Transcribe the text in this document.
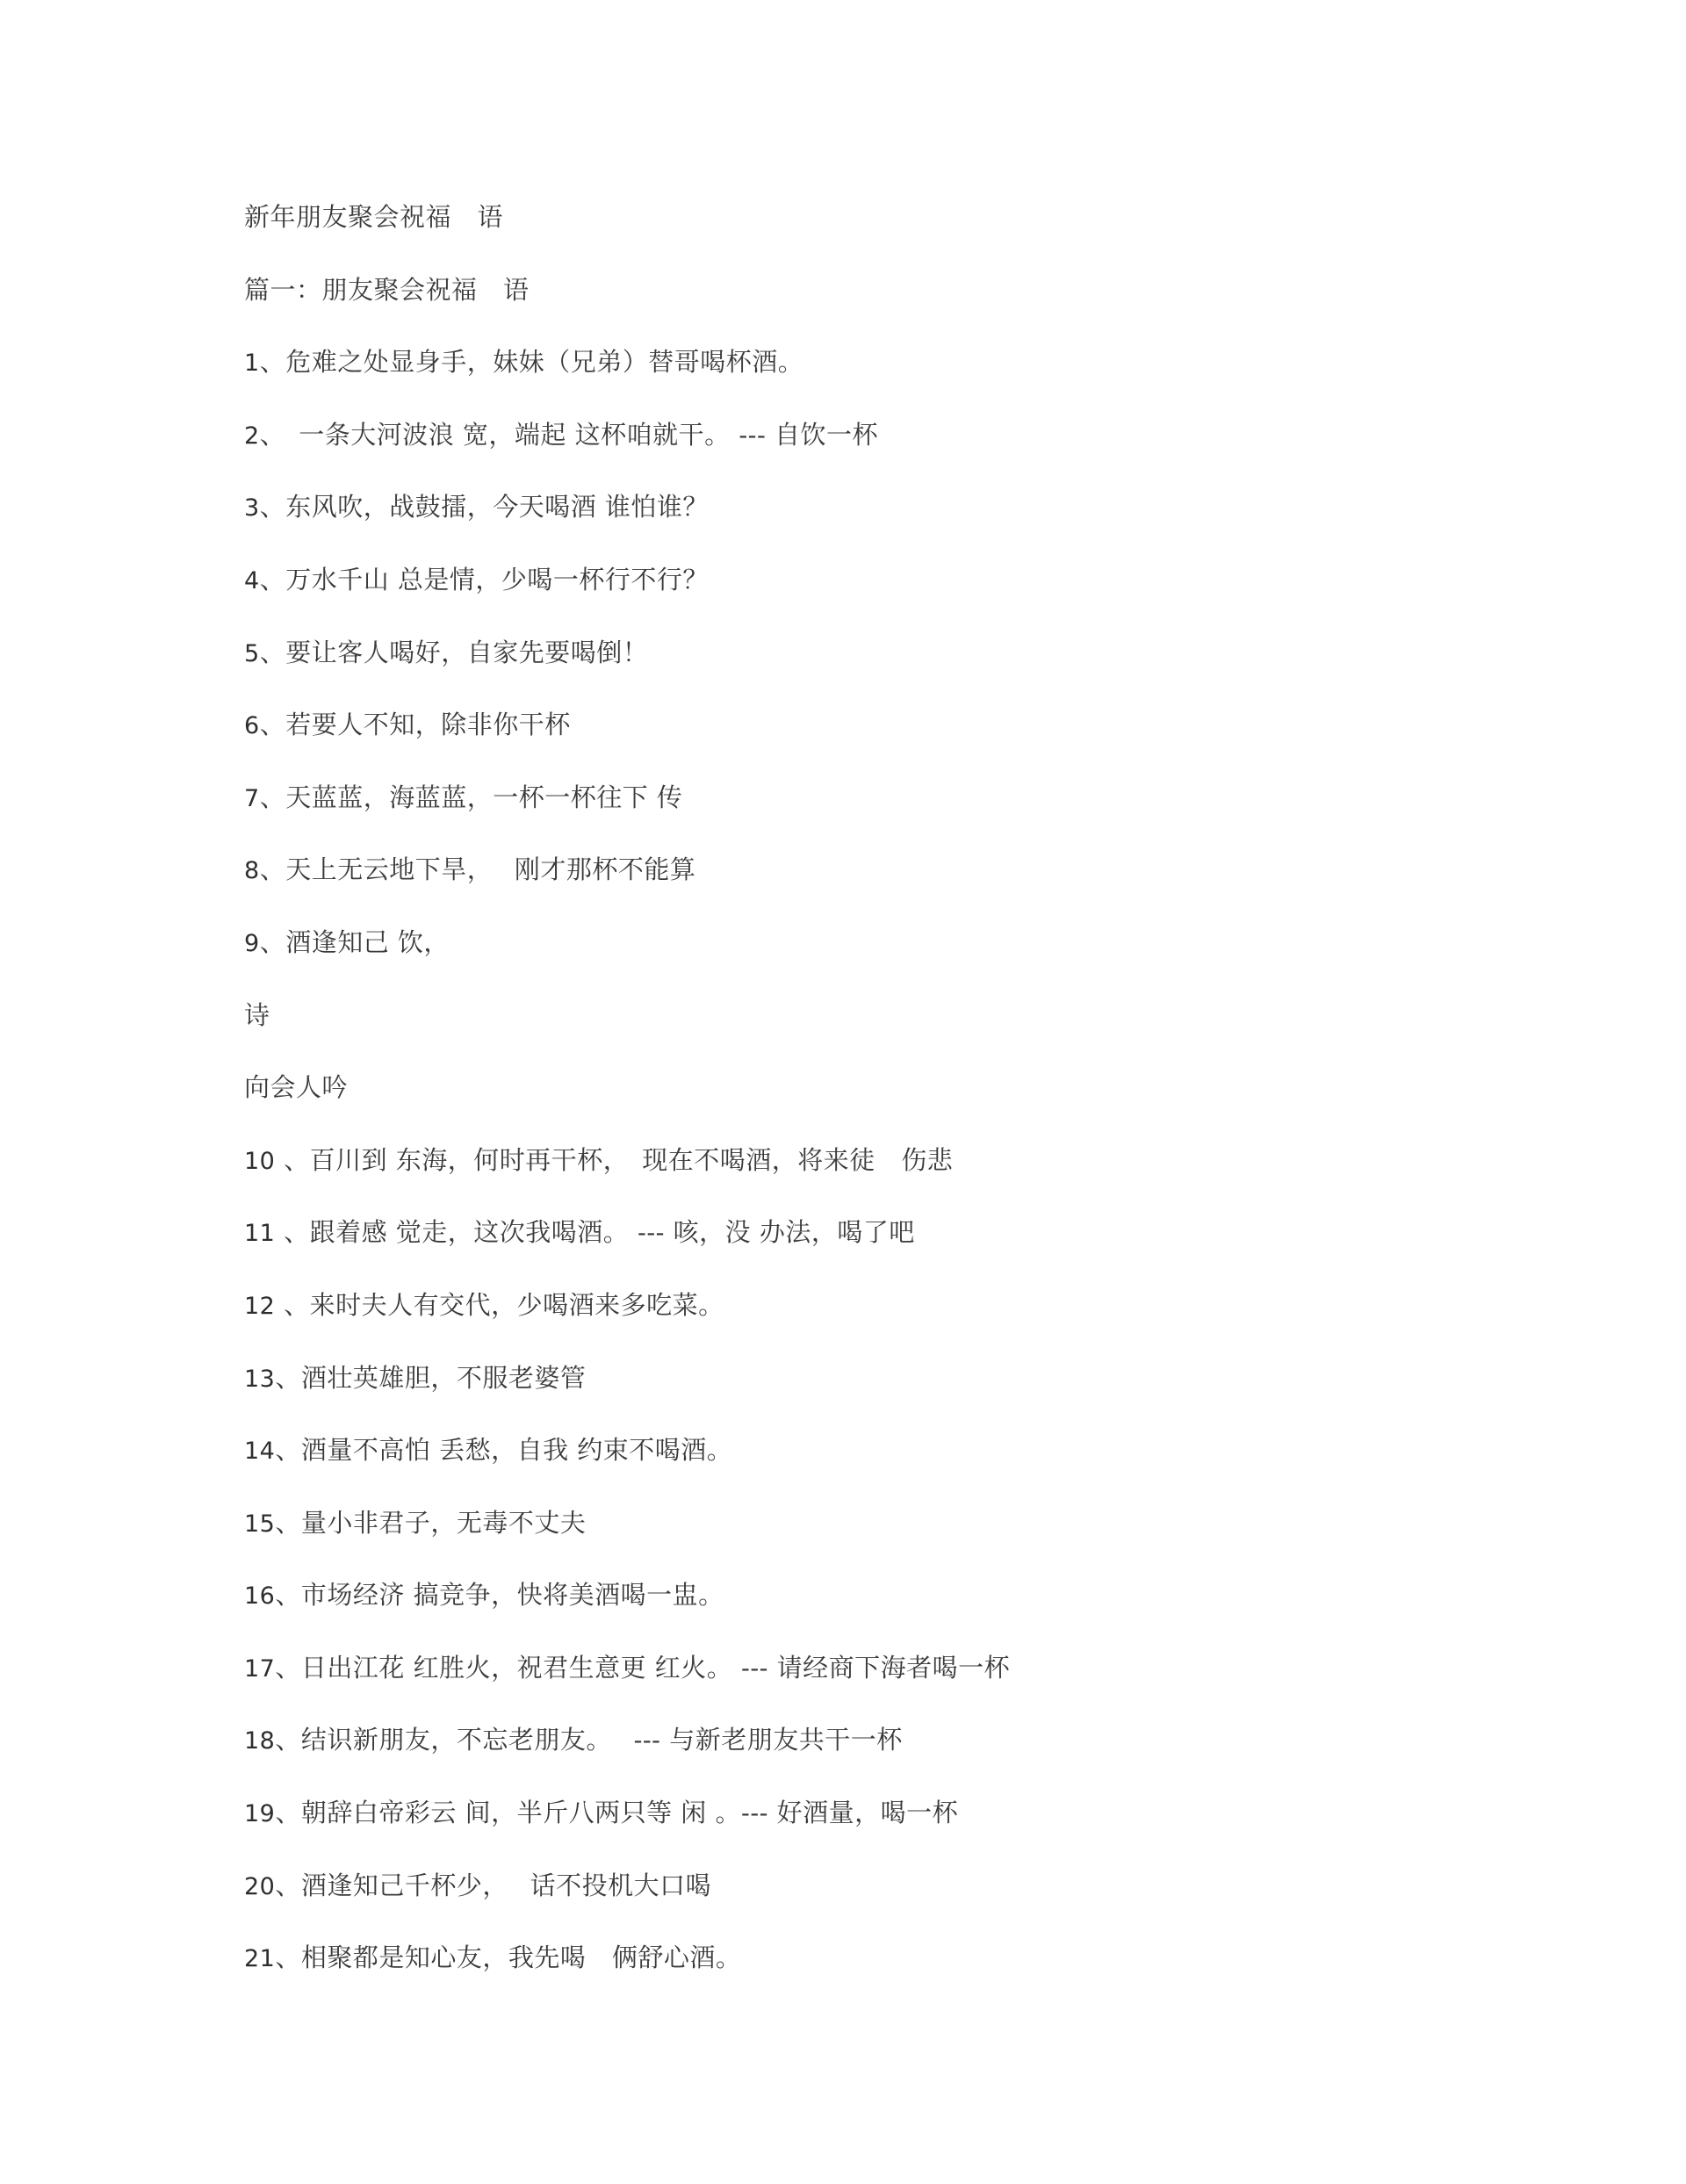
新年朋友聚会祝福　语
篇一：朋友聚会祝福　语
1、危难之处显身手，妹妹（兄弟）替哥喝杯酒。
2、　一条大河波浪 宽，端起 这杯咱就干。 --- 自饮一杯
3、东风吹，战鼓擂，今天喝酒 谁怕谁？
4、万水千山 总是情，少喝一杯行不行？
5、要让客人喝好，自家先要喝倒！
6、若要人不知，除非你干杯
7、天蓝蓝，海蓝蓝，一杯一杯往下 传
8、天上无云地下旱，　 刚才那杯不能算
9、酒逢知己 饮，
诗
向会人吟
10 、百川到 东海，何时再干杯，　现在不喝酒，将来徒　伤悲
11 、跟着感 觉走，这次我喝酒。 --- 咳，没 办法，喝了吧
12 、来时夫人有交代，少喝酒来多吃菜。
13、酒壮英雄胆，不服老婆管
14、酒量不高怕 丢愁，自我 约束不喝酒。
15、量小非君子，无毒不丈夫
16、市场经济 搞竞争，快将美酒喝一盅。
17、日出江花 红胜火，祝君生意更 红火。 --- 请经商下海者喝一杯
18、结识新朋友，不忘老朋友。　 --- 与新老朋友共干一杯
19、朝辞白帝彩云 间，半斤八两只等 闲 。--- 好酒量，喝一杯
20、酒逢知己千杯少，　 话不投机大口喝
21、相聚都是知心友，我先喝　俩舒心酒。
